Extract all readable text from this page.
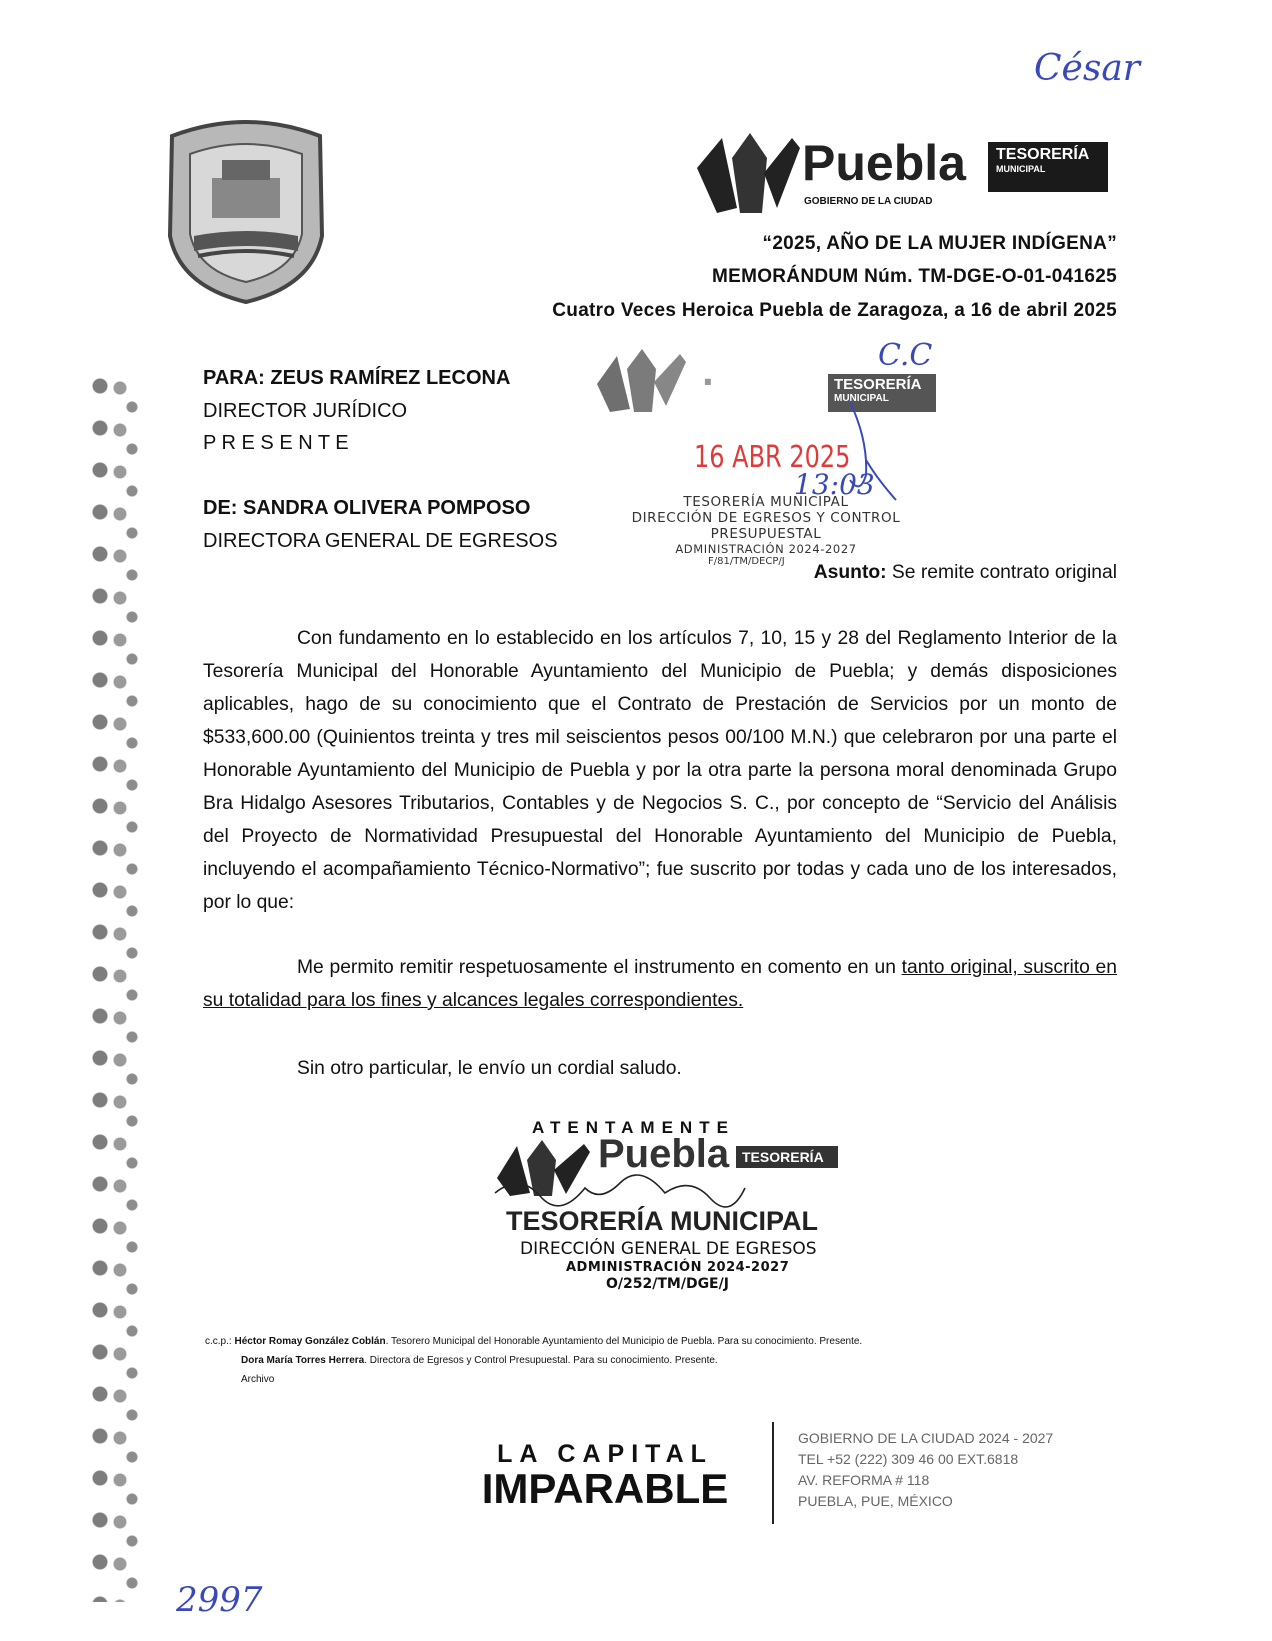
César
Puebla
GOBIERNO DE LA CIUDAD
TESORERÍA
MUNICIPAL
“2025, AÑO DE LA MUJER INDÍGENA”
MEMORÁNDUM Núm. TM-DGE-O-01-041625
Cuatro Veces Heroica Puebla de Zaragoza, a 16 de abril 2025
PARA: ZEUS RAMÍREZ LECONA
DIRECTOR JURÍDICO
P R E S E N T E
DE: SANDRA OLIVERA POMPOSO
DIRECTORA GENERAL DE EGRESOS
·	TESORERÍA
MUNICIPAL
C.C
16 ABR 2025
13:03
TESORERÍA MUNICIPAL
DIRECCIÓN DE EGRESOS Y CONTROL
PRESUPUESTAL
ADMINISTRACIÓN 2024-2027
F/81/TM/DECP/J
Asunto: Se remite contrato original

Con fundamento en lo establecido en los artículos 7, 10, 15 y 28 del Reglamento Interior de la Tesorería Municipal del Honorable Ayuntamiento del Municipio de Puebla; y demás disposiciones aplicables, hago de su conocimiento que el Contrato de Prestación de Servicios por un monto de $533,600.00 (Quinientos treinta y tres mil seiscientos pesos 00/100 M.N.) que celebraron por una parte el Honorable Ayuntamiento del Municipio de Puebla y por la otra parte la persona moral denominada Grupo Bra Hidalgo Asesores Tributarios, Contables y de Negocios S. C., por concepto de “Servicio del Análisis del Proyecto de Normatividad Presupuestal del Honorable Ayuntamiento del Municipio de Puebla, incluyendo el acompañamiento Técnico-Normativo”; fue suscrito por todas y cada uno de los interesados, por lo que:

Me permito remitir respetuosamente el instrumento en comento en un tanto original, suscrito en su totalidad para los fines y alcances legales correspondientes.

Sin otro particular, le envío un cordial saludo.

ATENTAMENTE
Puebla TESORERÍA
TESORERÍA MUNICIPAL
DIRECCIÓN GENERAL DE EGRESOS
ADMINISTRACIÓN 2024-2027
O/252/TM/DGE/J
c.c.p.: Héctor Romay González Coblán. Tesorero Municipal del Honorable Ayuntamiento del Municipio de Puebla. Para su conocimiento. Presente.
Dora María Torres Herrera. Directora de Egresos y Control Presupuestal. Para su conocimiento. Presente.
Archivo
LA CAPITAL
IMPARABLE
GOBIERNO DE LA CIUDAD 2024 - 2027
TEL +52 (222) 309 46 00 EXT.6818
AV. REFORMA # 118
PUEBLA, PUE, MÉXICO
2997
